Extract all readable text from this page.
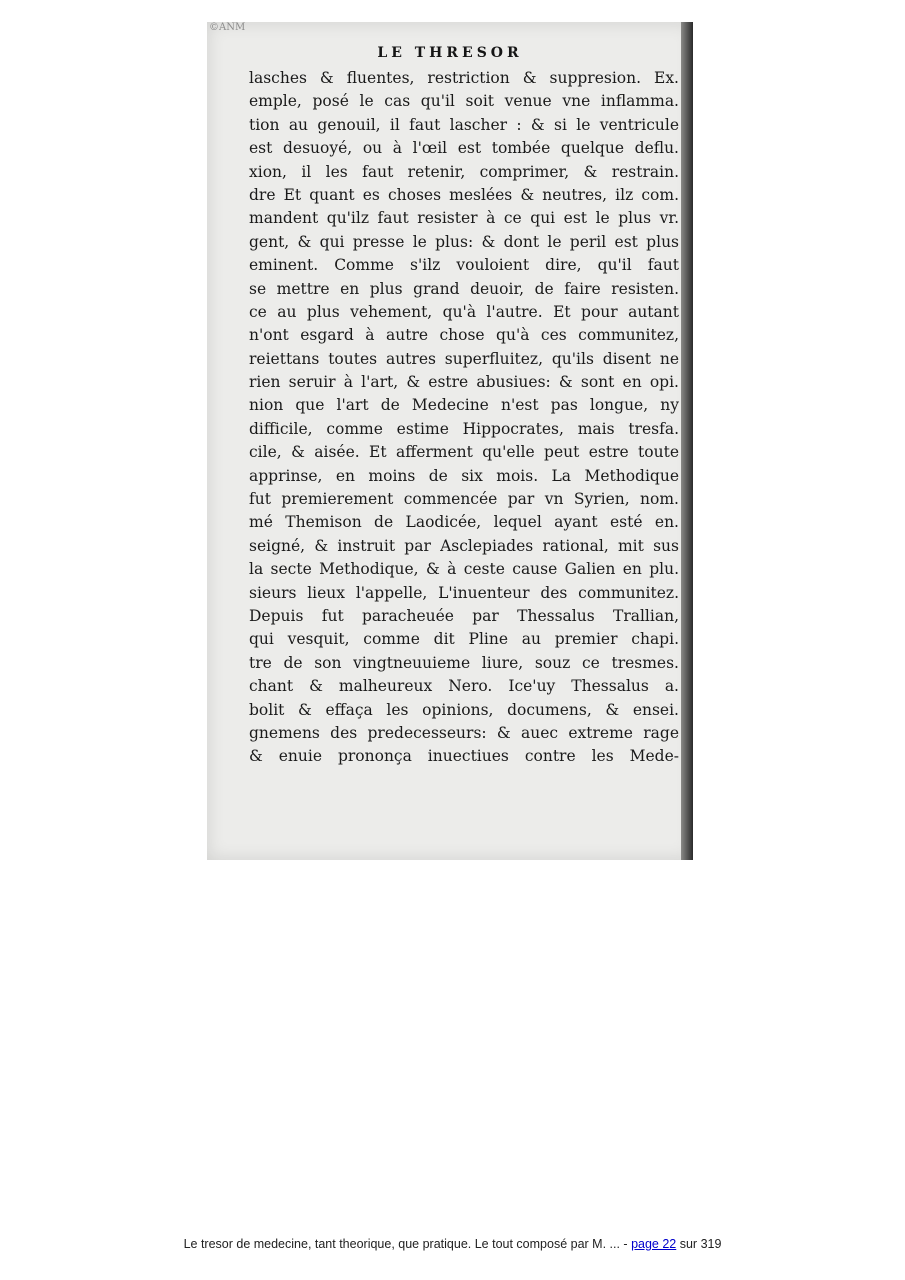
©ANM
LE THRESOR
lasches & fluentes, restriction & suppresion. Ex.
emple, posé le cas qu'il soit venue vne inflamma.
tion au genouil, il faut lascher : & si le ventricule
est desuoyé, ou à l'œil est tombée quelque deflu.
xion, il les faut retenir, comprimer, & restrain.
dre Et quant es choses meslées & neutres, ilz com.
mandent qu'ilz faut resister à ce qui est le plus vr.
gent, & qui presse le plus: & dont le peril est plus
eminent. Comme s'ilz vouloient dire, qu'il faut
se mettre en plus grand deuoir, de faire resisten.
ce au plus vehement, qu'à l'autre. Et pour autant
n'ont esgard à autre chose qu'à ces communitez,
reiettans toutes autres superfluitez, qu'ils disent ne
rien seruir à l'art, & estre abusiues: & sont en opi.
nion que l'art de Medecine n'est pas longue, ny
difficile, comme estime Hippocrates, mais tresfa.
cile, & aisée. Et afferment qu'elle peut estre toute
apprinse, en moins de six mois. La Methodique
fut premierement commencée par vn Syrien, nom.
mé Themison de Laodicée, lequel ayant esté en.
seigné, & instruit par Asclepiades rational, mit sus
la secte Methodique, & à ceste cause Galien en plu.
sieurs lieux l'appelle, L'inuenteur des communitez.
Depuis fut paracheuée par Thessalus Trallian,
qui vesquit, comme dit Pline au premier chapi.
tre de son vingtneuuieme liure, souz ce tresmes.
chant & malheureux Nero. Ice'uy Thessalus a.
bolit & effaça les opinions, documens, & ensei.
gnemens des predecesseurs: & auec extreme rage
& enuie prononça inuectiues contre les Mede-
Le tresor de medecine, tant theorique, que pratique. Le tout composé par M. ... - page 22 sur 319
